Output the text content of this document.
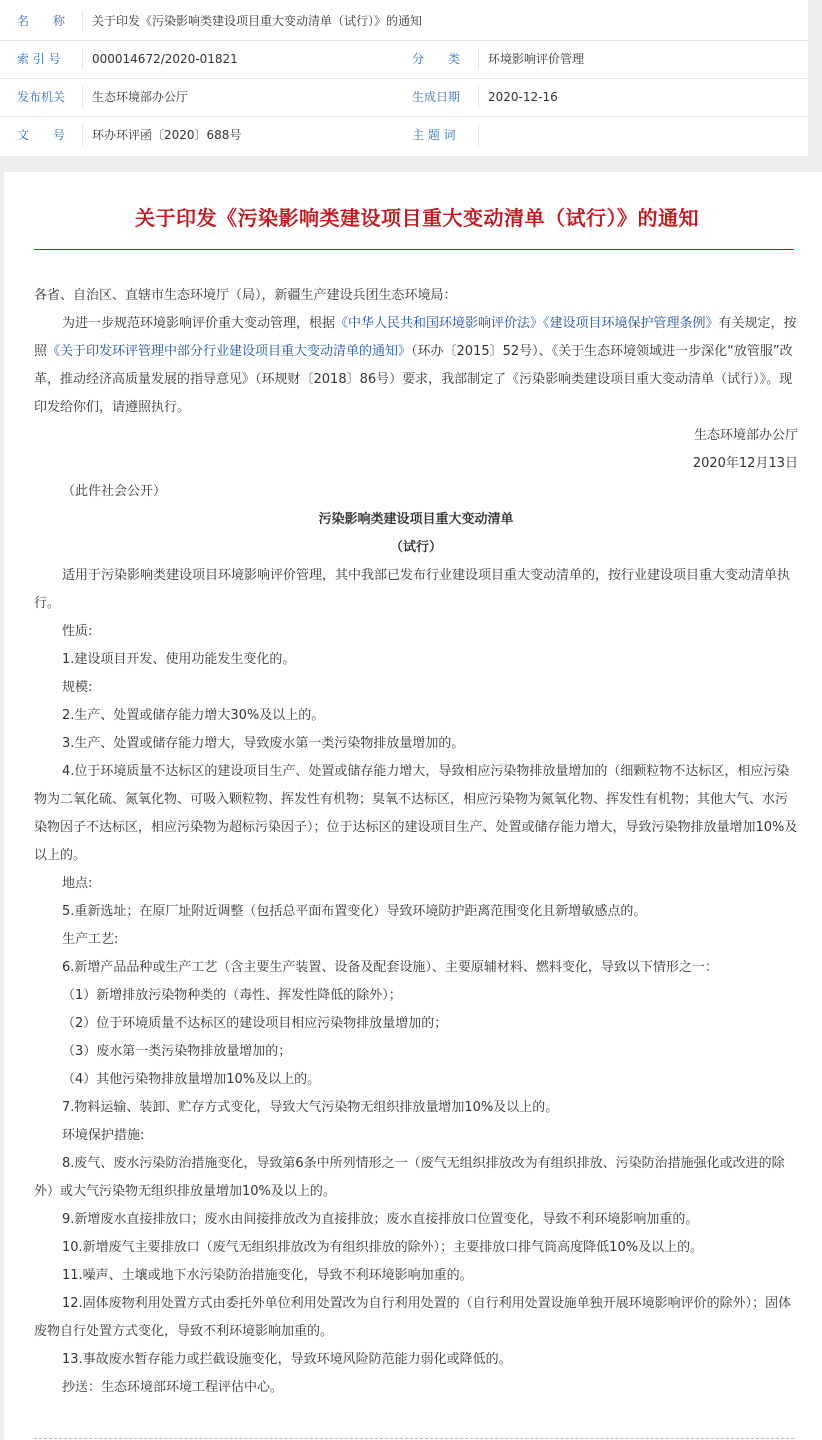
名　　称	关于印发《污染影响类建设项目重大变动清单（试行）》的通知
索 引 号	000014672/2020-01821	分　　类	环境影响评价管理
发布机关	生态环境部办公厅	生成日期	2020-12-16
文　　号	环办环评函〔2020〕688号	主 题 词
关于印发《污染影响类建设项目重大变动清单（试行）》的通知

各省、自治区、直辖市生态环境厅（局），新疆生产建设兵团生态环境局：

为进一步规范环境影响评价重大变动管理，根据《中华人民共和国环境影响评价法》《建设项目环境保护管理条例》有关规定，按照《关于印发环评管理中部分行业建设项目重大变动清单的通知》（环办〔2015〕52号）、《关于生态环境领域进一步深化“放管服”改革，推动经济高质量发展的指导意见》（环规财〔2018〕86号）要求，我部制定了《污染影响类建设项目重大变动清单（试行）》。现印发给你们，请遵照执行。

生态环境部办公厅

2020年12月13日

（此件社会公开）

污染影响类建设项目重大变动清单

（试行）

适用于污染影响类建设项目环境影响评价管理，其中我部已发布行业建设项目重大变动清单的，按行业建设项目重大变动清单执行。

性质:

1.建设项目开发、使用功能发生变化的。

规模:

2.生产、处置或储存能力增大30%及以上的。

3.生产、处置或储存能力增大，导致废水第一类污染物排放量增加的。

4.位于环境质量不达标区的建设项目生产、处置或储存能力增大，导致相应污染物排放量增加的（细颗粒物不达标区，相应污染物为二氧化硫、氮氧化物、可吸入颗粒物、挥发性有机物；臭氧不达标区，相应污染物为氮氧化物、挥发性有机物；其他大气、水污染物因子不达标区，相应污染物为超标污染因子）；位于达标区的建设项目生产、处置或储存能力增大，导致污染物排放量增加10%及以上的。

地点:

5.重新选址；在原厂址附近调整（包括总平面布置变化）导致环境防护距离范围变化且新增敏感点的。

生产工艺:

6.新增产品品种或生产工艺（含主要生产装置、设备及配套设施）、主要原辅材料、燃料变化，导致以下情形之一：

（1）新增排放污染物种类的（毒性、挥发性降低的除外）；

（2）位于环境质量不达标区的建设项目相应污染物排放量增加的；

（3）废水第一类污染物排放量增加的；

（4）其他污染物排放量增加10%及以上的。

7.物料运输、装卸、贮存方式变化，导致大气污染物无组织排放量增加10%及以上的。

环境保护措施:

8.废气、废水污染防治措施变化，导致第6条中所列情形之一（废气无组织排放改为有组织排放、污染防治措施强化或改进的除外）或大气污染物无组织排放量增加10%及以上的。

9.新增废水直接排放口；废水由间接排放改为直接排放；废水直接排放口位置变化，导致不利环境影响加重的。

10.新增废气主要排放口（废气无组织排放改为有组织排放的除外）；主要排放口排气筒高度降低10%及以上的。

11.噪声、土壤或地下水污染防治措施变化，导致不利环境影响加重的。

12.固体废物利用处置方式由委托外单位利用处置改为自行利用处置的（自行利用处置设施单独开展环境影响评价的除外）；固体废物自行处置方式变化，导致不利环境影响加重的。

13.事故废水暂存能力或拦截设施变化，导致环境风险防范能力弱化或降低的。

抄送：生态环境部环境工程评估中心。
